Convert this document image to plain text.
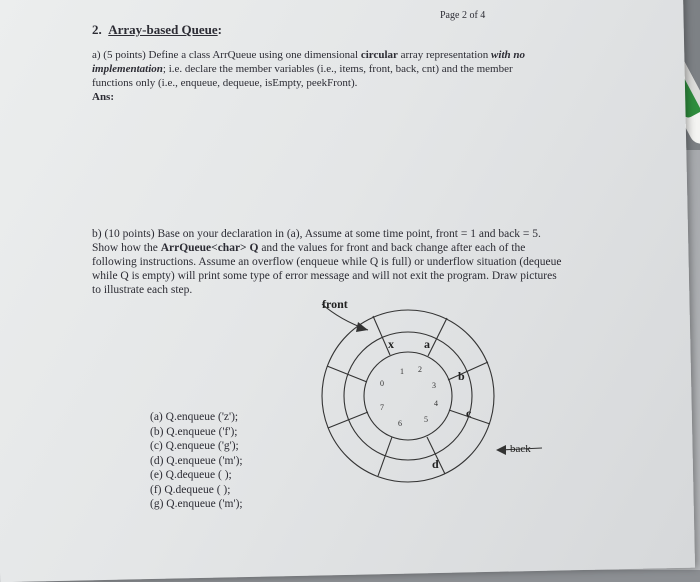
Page 2 of 4
2. Array-based Queue:
a) (5 points) Define a class ArrQueue using one dimensional circular array representation with no
implementation; i.e. declare the member variables (i.e., items, front, back, cnt) and the member
functions only (i.e., enqueue, dequeue, isEmpty, peekFront).
Ans:
b) (10 points) Base on your declaration in (a), Assume at some time point, front = 1 and back = 5.
Show how the ArrQueue<char> Q and the values for front and back change after each of the
following instructions. Assume an overflow (enqueue while Q is full) or underflow situation (dequeue
while Q is empty) will print some type of error message and will not exit the program. Draw pictures
to illustrate each step.
(a) Q.enqueue ('z');
(b) Q.enqueue ('f');
(c) Q.enqueue ('g');
(d) Q.enqueue ('m');
(e) Q.dequeue ( );
(f) Q.dequeue ( );
(g) Q.enqueue ('m');
front
back
0
1 2
3
4
5
6
7
x	a
b
c
d
